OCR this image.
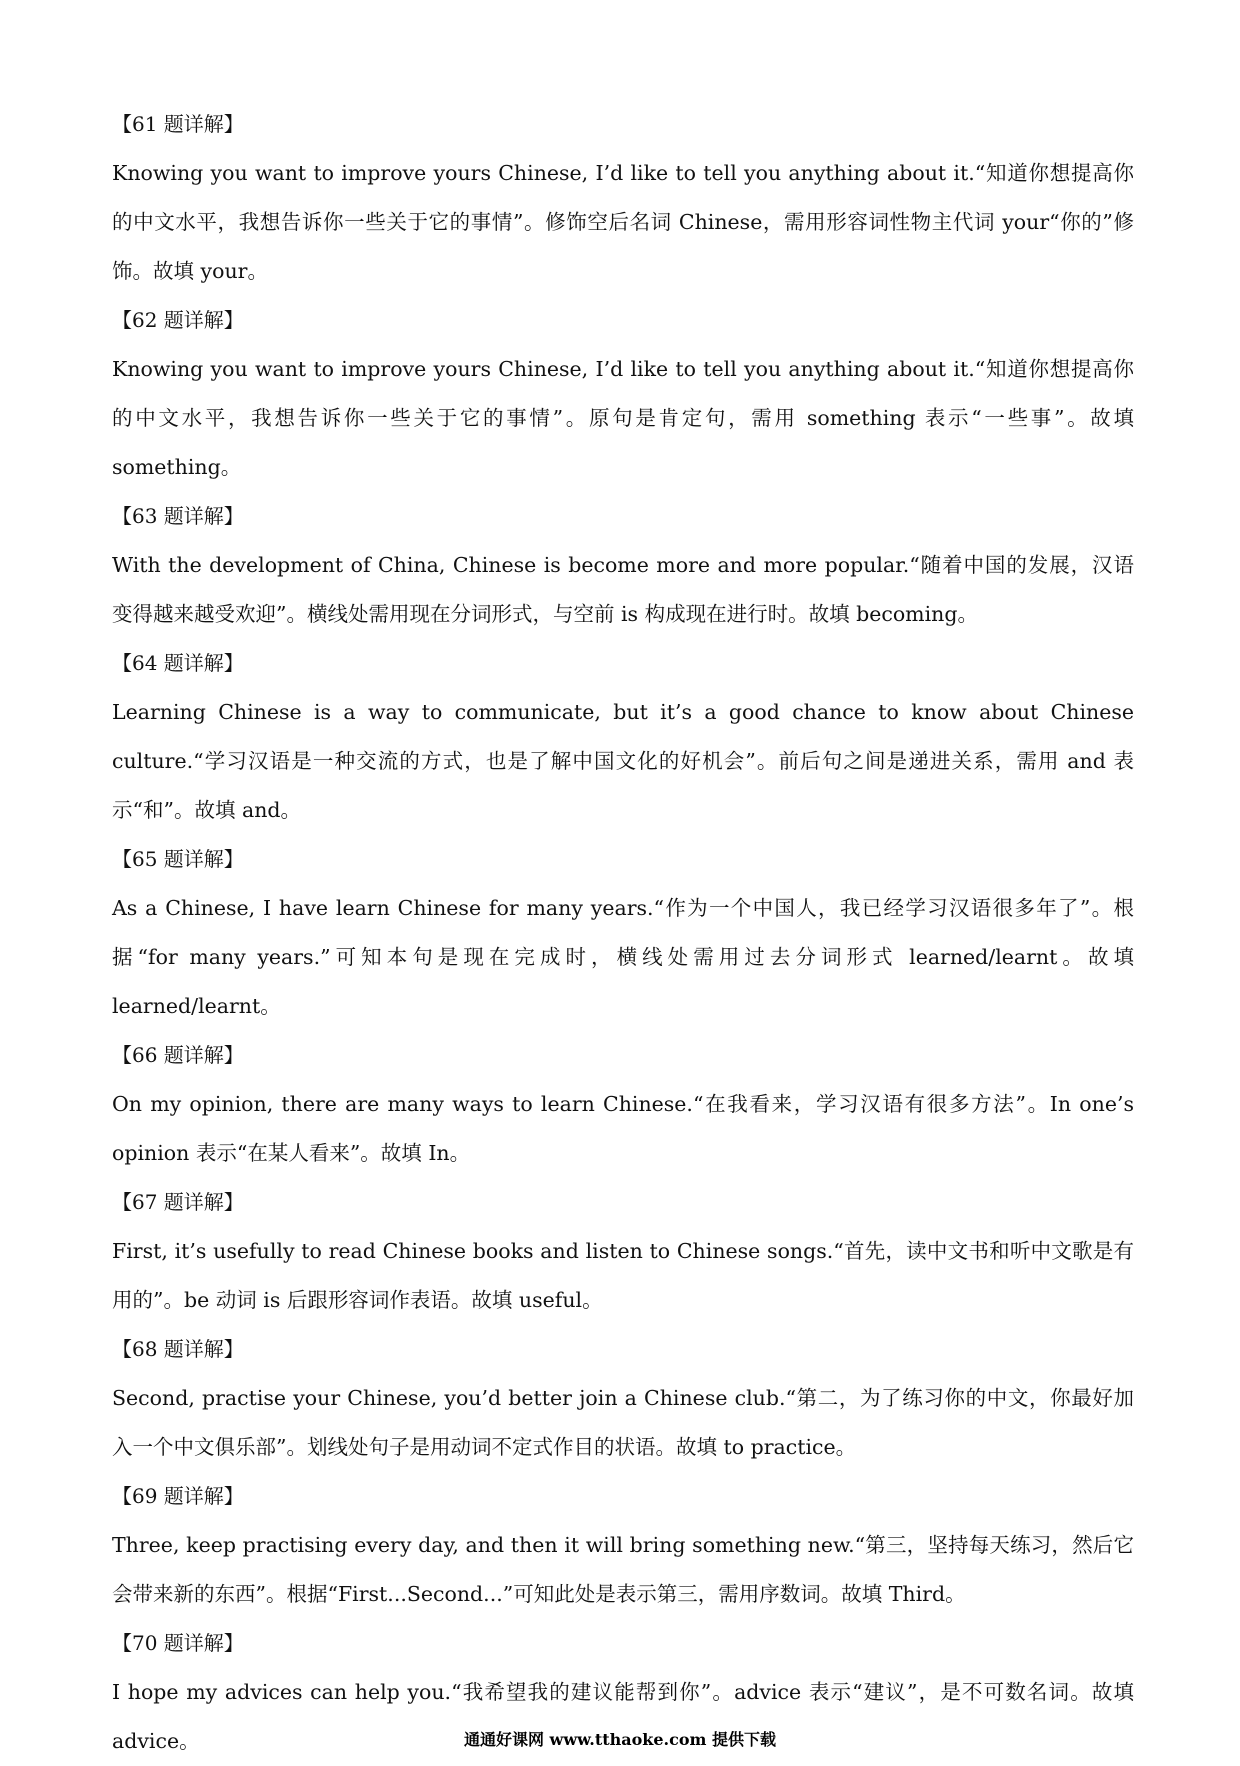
【61 题详解】

Knowing you want to improve yours Chinese, I’d like to tell you anything about it.“知道你想提高你的中文水平，我想告诉你一些关于它的事情”。修饰空后名词 Chinese，需用形容词性物主代词 your“你的”修饰。故填 your。

【62 题详解】

Knowing you want to improve yours Chinese, I’d like to tell you anything about it.“知道你想提高你的中文水平，我想告诉你一些关于它的事情”。原句是肯定句，需用 something 表示“一些事”。故填 something。

【63 题详解】

With the development of China, Chinese is become more and more popular.“随着中国的发展，汉语变得越来越受欢迎”。横线处需用现在分词形式，与空前 is 构成现在进行时。故填 becoming。

【64 题详解】

Learning Chinese is a way to communicate, but it’s a good chance to know about Chinese culture.“学习汉语是一种交流的方式，也是了解中国文化的好机会”。前后句之间是递进关系，需用 and 表示“和”。故填 and。

【65 题详解】

As a Chinese, I have learn Chinese for many years.“作为一个中国人，我已经学习汉语很多年了”。根据“for many years.”可知本句是现在完成时，横线处需用过去分词形式 learned/learnt。故填 learned/learnt。

【66 题详解】

On my opinion, there are many ways to learn Chinese.“在我看来，学习汉语有很多方法”。In one’s opinion 表示“在某人看来”。故填 In。

【67 题详解】

First, it’s usefully to read Chinese books and listen to Chinese songs.“首先，读中文书和听中文歌是有用的”。be 动词 is 后跟形容词作表语。故填 useful。

【68 题详解】

Second, practise your Chinese, you’d better join a Chinese club.“第二，为了练习你的中文，你最好加入一个中文俱乐部”。划线处句子是用动词不定式作目的状语。故填 to practice。

【69 题详解】

Three, keep practising every day, and then it will bring something new.“第三，坚持每天练习，然后它会带来新的东西”。根据“First...Second...”可知此处是表示第三，需用序数词。故填 Third。

【70 题详解】

I hope my advices can help you.“我希望我的建议能帮到你”。advice 表示“建议”，是不可数名词。故填 advice。	通通好课网 www.tthaoke.com 提供下载
